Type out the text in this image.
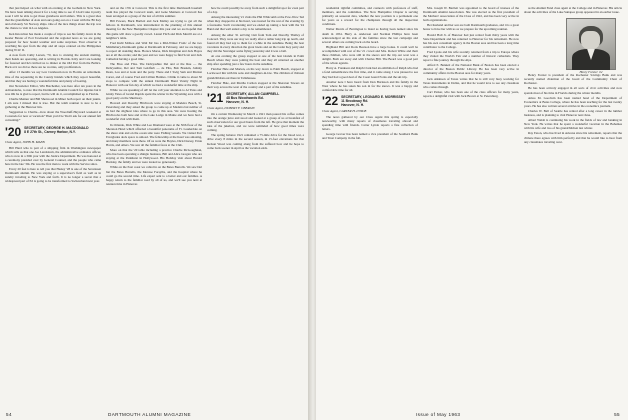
that just helped on what with an evening at the Gotham in New York. We have been talking about it for a long time to see if I don't take it pretty soon I will be able to get those grandsons and ladders. This is a great idea that the grandfather of Asia and ours going out on a Coast with the '86 Key and obviously Sir Norway ships. One of the nice things about the trip was the chance to visit in Los Angeles.

Ken Knowlton has made a couple of trips to see his family down in the Keeler Baxter of Port Townsend and the regional news as we are going prepared for how bound weather and some surprises. Your observer is watching his spot from the ship and all stops ordered on the Philippines during W.W. II.

A note from Cathy Larsen, '70, nice is cruising the ancient mailing, their hands are operating, and is writing in Florida. Kitty and I are looking for fostered and he's invited us to dinner at the Old Port from the Baltics. Back at it we did so there are no worries, only proliferation.

After 13 months we say Lew Cutsbourn now in Florida on retirement. One of the sojourning in the County Islands which they report beautiful, and that they are having a wonderful time and plenty of boating.

Our Newsletter Editor, Win Batchelder, was here after ten years in the Adirondacks, to note that the Dartmouth Alumni Council for injuries but it was OK he is glad to report, but he will do it, accomplished up to Florida.

Charlie Menner and Bill Sherwood in Minot both report on their jaunts. I am sure I missed that is true. But the tenth reunion is sure to be a gathering at the Hanover Inn.

Suggestion to Charlie—how about the Woodruff-Heyward weekend at Coronado for new or vacation? Then you'd be 'Don't ask for our annual fall convening?'

'20 SECRETARY, GEORGE H. MACDONALD
8 E 27th St., Carney Harbor, N.Y.
Class Agent, JOHN H. MANN

Bill Hurd who is part of a shipping firm in Washington newspaper which tells us that one Joe Landstrom, the administrative ordnance officer, who is now in a 30th year with the Justice Department. He was honored at a ceremony presided over by General Counsel, and the people who came here in the late '30s. He was the first man to work with the Service since.

Every 20 feet is here to tell you that Hasley '28 is one of the Seventeen Dartmouth alumni. He was staying at a supervisor's field as well as in sundry traveling to New York and forth. It is no longer a secret that a widespread part of Ed is going to be transformed to Switzerland next year.

and on the 17th at Concord. This is the first time Dartmouth baseball team has played the Concord team, and Gene Menners at Concord has been arranged as a group of the last of all this summer.

Bill Powers, Buck Bartlett and Jack Malley are trying to get all the fellows in Dartmouth, was instrumental in the planning of this annual meeting for the New Hampshire Chapter this year and we are hopeful that this game will draw a goodly crowd. Lionel Fitch and Dick Merrill are at a neighbor's table.

Fred Kuhl McKee and Walt Mc has a Mid-Winter Frolic of the two Middlebury-Dartmouth game at Dartmouth in February, and we are happy to report all standing there. Horace Morse, Dick Kingman and Jack Hayes are at all the events; and the year and we were happy to find Scott and Jack Cathedral having a good time.

The Bros and Fliss. The Debryashire Del and at the Rue — the Debryashire, Del and Tom Goldfarb — de Fibs, Bob Breskin, Johnny Dean, Lou and at Gale and the party. There and I Swig Sam and Marion Carter, and of course Fred and Lillian Holmes. I think it came to about 30 stops to compete with the annual Dartmouth Band Varsity Night in Hanover with our fun day of which we had a wonderful time at the ship.

While we are speaking of AE let me call your attention to Al Yates and Ginny Yates of Grand Rapids spent the winter in the Wyoming area with a good party on the Shumway.

Howard and Dorothy Hitchcock were staying at Madeira Beach, St. Petersburg and they asked the group to come up at Madeira but neither of us had the slightest idea where to go in this area. We were hosting the Hitchcocks both here and at the Lake Lodge in Maine and we have had a wonderful visit with them.

In Orlando, Dick White and Lee Diamond were at the 50th floor of the Sheraton Hotel which afforded a beautiful panorama of Ft. Lauderdale on the shore side and on the ocean side were Fishing vessels. We visited Port Everglades dock space to unload. The fellowship at the hotel was amazing, and many members were there. Of us were the Boyles, Dick Dorsey, Ernie Harris, and others. We saw all the familiar faces at the Club.

More on that the '20 table including a practice Charlie McGoughnan, who has been operating a shingle business, Bill and Alice Grogan who are staying at the Parkhurst in Hollywood. His Holiday visit about Harold Buckley, the family and we were treated so generously.

While on the East coast we called in on the Bates Burrells. We saw Del but the Bates Burrells, the Monroe Forsyths, and the hospital where he could go the second time. Life expert sent to a better and our families. A happy return to the familiar road by all of us, and we'll see you next at reunion time in Hanover.

how he could possibly be away from such a delightful spot for even part of a day.

Among the interesting '21 visits the Phil Whitcomb at the Pow-Wow Ted when they dropped in at his hotel, was treated for the rest of the evening by a foursome. Such vacationing and we ended up taking a boat with the '24 Band and that well ended a day to be remembered.

Among the other '21 arriving visit from Tom and Dorothy Thalley of Concord. They were our stay we really after a rather long trip up north, and found all they had say to them for a while in the sunshine. Being the best vacations in every direction the great lawns and on the Cedar Key party and they did the Stavanger some flying yesterday and it was a ball.

At one evening the group stopped at one of the best islands in Palm Beach where they were joining the boat and they all returned on another ship after spending just a few hours in the sunshine.

Fletcher Hale and Marion, on his way down to Palm Beach, stopped at Lockwood Inn with his sons and daughters-in-law. The children of thirteen grandchildren out there in Tallahassee.

Fletcher Hale, and Martha Carlton stopped at the Sheraton Towers on their way across the west of the country and a part of the sunshine.

'21 SECRETARY, ALLAN CAMPBELL
48 Bus Woodwards Bd.
Hanover, N. H.
Class Agent, DUBERT F. OBERLIN

On a certain Wednesday in March a 1921 man poured his coffee comes into the orange juice and stood and looked at a group of us at breakfast of such observation for our good hours from the left. He gave that moment the idea of the jukebox, and we were reminded of how good times were coming.

The spring balance 1921 remained a 75-mile drive for the blood test, a drive every 8 miles in the second season, in 15-foot elevations but that Kelson Wood was coming along from the suffered bow and he hope to come back sooner in April as the vacation ends.

54	DARTMOUTH ALUMNI MAGAZINE

residential rightful committee, and connects with professors of staff, members, and the committee. The New Hampshire Chapter is serving primarily on seasonal data, whether the new position is a permanent one for years as a reward for the champions through all the inspection conditions.

Walter Morris of Barrington is listed as having been named since his death in 1954. Harry A. Anderson and Norman Phillips have been acknowledged on his side of the families since the last campaign and several others are coming back on the board.

Highland Hill and Doris Beatson have a large bonus. It could well be accomplished with rest of the '21 crowd and Mrs. Robert White and their three children, who were still in the snows and the trip out west was a delight. Both are away and with Charles Hill. The Board was a good part of the whole agenda.

Harry A. Frankson and Ralph Clark had an exhibition of Ralph who had a fond remembrance the first time, and it came along. I was pleased to see they had had a good deal of the Coast Guard Forks and the ski trip.

Another note I have heard from Don Burleson and his family in the West where he has taken his son in for the snows. It was a happy and comfortable time for all.

'22 SECRETARY, LEONARD E. MORRISSEY
11 Brookway Rd.
Hanover, N. H.
Class Agent, CARTER H. LYNDE

The news gathered by our Class Agent this spring is especially noteworthy, with many reports of classmates traveling abroad and spending time with friends. Carter Lynde reports a fine collection of letters.

George Grover has been named a vice president of the Southern Bank and Trust Company in the fall.

Mrs. Joseph W. Bartlett was appointed to the board of trustees of the Dartmouth Alumni Association. She was elected as the first president of the Mothers' Association of the Class of 1922, and has been very active in both organizations.

Her husband and her son are both Dartmouth graduates, and it is a great honor to have her with us as we prepare for the upcoming reunion.

Harold Hall Jr. of Hanover had just retired from thirty years with the State Department and has returned to Hanover for his retirement. He now has his own consultant agency in the Boston area and has been a long time contributor to the College.

Fred Lyons and his wife recently returned from a trip to Europe where they visited the World's Fair and a number of historic cathedrals. They report a fine journey through the Alps.

Alfred E. Bennett of the National Bank of Boston has been elected a director of the Boston Public Library. He has been very active in community affairs in the Boston area for many years.

Jack Atkinson of Texas writes that he is still very busy working for Texas Instruments in Dallas, and that he would love to see any classmate who comes through.

Carl Parker, who has been one of the class officers for many years, reports a delightful visit with Jack Brown at St. Petersburg.

as the Alumni Fund class agent at the College and in Hanover. His article about the activities of the Lake Sunapee group appeared in an earlier issue.

Henry Forster is president of the Rochester Savings Bank and was recently named chairman of the board of the Community Chest of Rochester.

He has been actively engaged in all sorts of civic activities and now spends most of his time in Florida during the winter months.

Amos M. Goodwin has been named head of the Department of Economics at Bates College, where he has been teaching for the last twenty years. He has also written several articles in the economics journals.

Charles W. Bell of Seattle has retired after a long career in the lumber business, and is planning to visit Hanover next June.

Albert Walsh is continuing his work in the fields of law and banking in New York. He writes that he spent a wonderful vacation in the Bahamas with his wife and two of his grandchildren last winter.

Ray Eaton, who has lived in Arizona since his retirement, reports that the climate there agrees with him perfectly and that he would like to hear from any classmates traveling west.

Henry Forster '22
Issue of May 1963	55
